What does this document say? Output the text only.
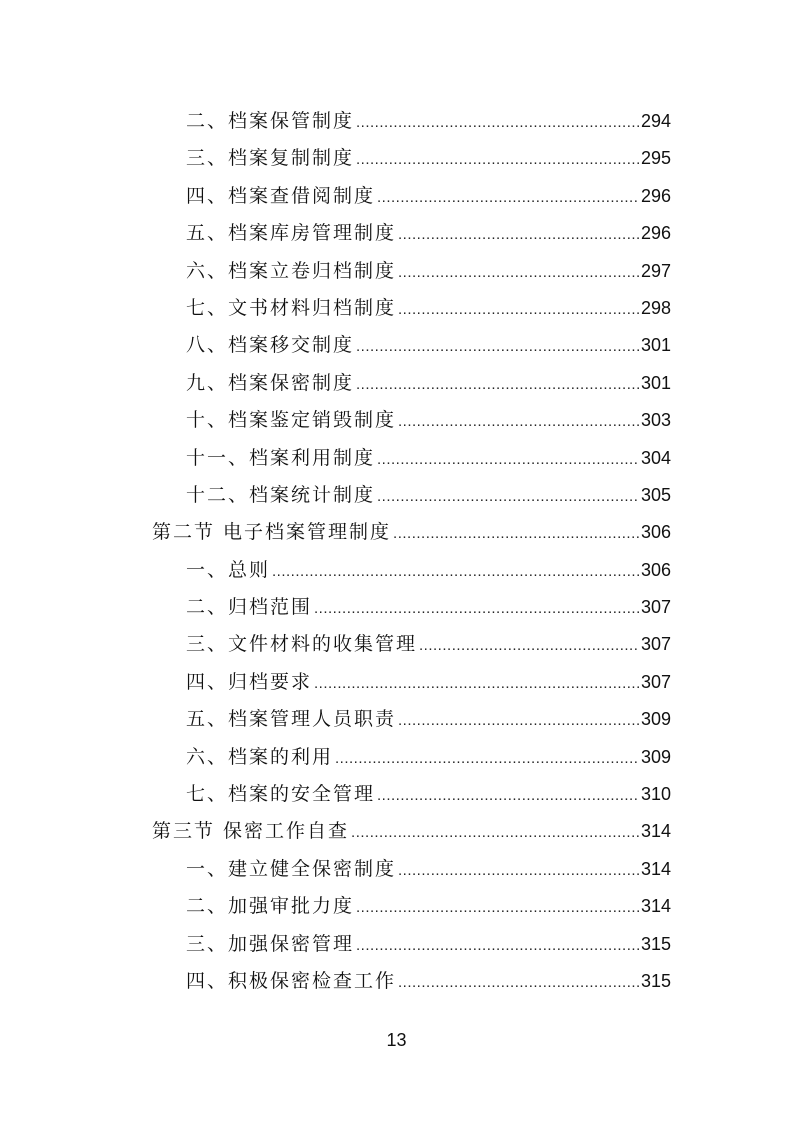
二、档案保管制度 .....	294
三、档案复制制度 .....	295
四、档案查借阅制度 .....	296
五、档案库房管理制度 .....	296
六、档案立卷归档制度 .....	297
七、文书材料归档制度 .....	298
八、档案移交制度 .....	301
九、档案保密制度 .....	301
十、档案鉴定销毁制度 .....	303
十一、档案利用制度 .....	304
十二、档案统计制度 .....	305
第二节 电子档案管理制度 .....	306
一、总则 .....	306
二、归档范围 .....	307
三、文件材料的收集管理 .....	307
四、归档要求 .....	307
五、档案管理人员职责 .....	309
六、档案的利用 .....	309
七、档案的安全管理 .....	310
第三节 保密工作自查 .....	314
一、建立健全保密制度 .....	314
二、加强审批力度 .....	314
三、加强保密管理 .....	315
四、积极保密检查工作 .....	315
13
